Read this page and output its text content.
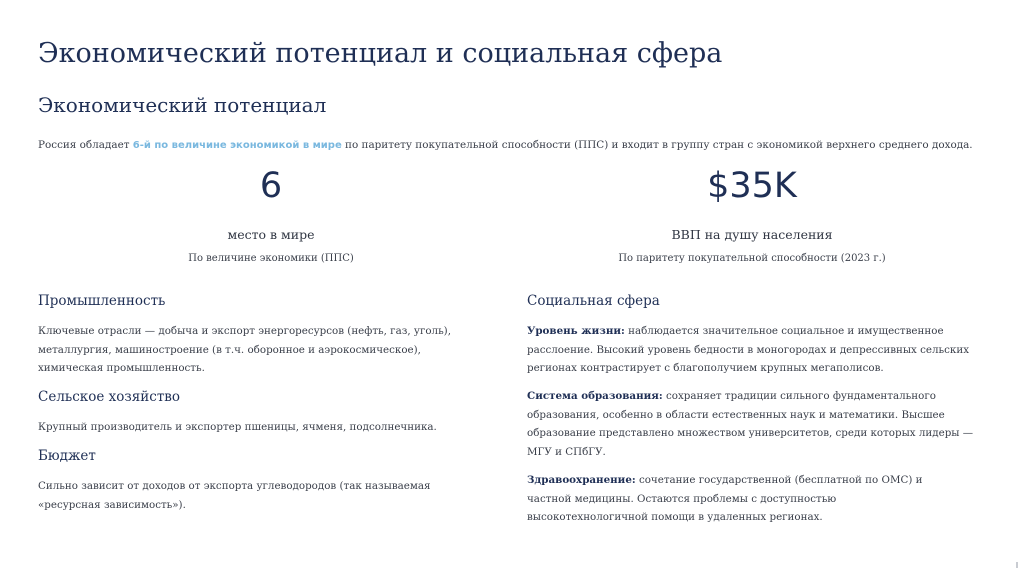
Экономический потенциал и социальная сфера
Экономический потенциал
Россия обладает 6-й по величине экономикой в мире по паритету покупательной способности (ППС) и входит в группу стран с экономикой верхнего среднего дохода.
6
место в мире
По величине экономики (ППС)
$35K
ВВП на душу населения
По паритету покупательной способности (2023 г.)
Промышленность
Ключевые отрасли — добыча и экспорт энергоресурсов (нефть, газ, уголь), металлургия, машиностроение (в т.ч. оборонное и аэрокосмическое), химическая промышленность.
Сельское хозяйство
Крупный производитель и экспортер пшеницы, ячменя, подсолнечника.
Бюджет
Сильно зависит от доходов от экспорта углеводородов (так называемая «ресурсная зависимость»).
Социальная сфера
Уровень жизни: наблюдается значительное социальное и имущественное расслоение. Высокий уровень бедности в моногородах и депрессивных сельских регионах контрастирует с благополучием крупных мегаполисов.
Система образования: сохраняет традиции сильного фундаментального образования, особенно в области естественных наук и математики. Высшее образование представлено множеством университетов, среди которых лидеры — МГУ и СПбГУ.
Здравоохранение: сочетание государственной (бесплатной по ОМС) и частной медицины. Остаются проблемы с доступностью высокотехнологичной помощи в удаленных регионах.
